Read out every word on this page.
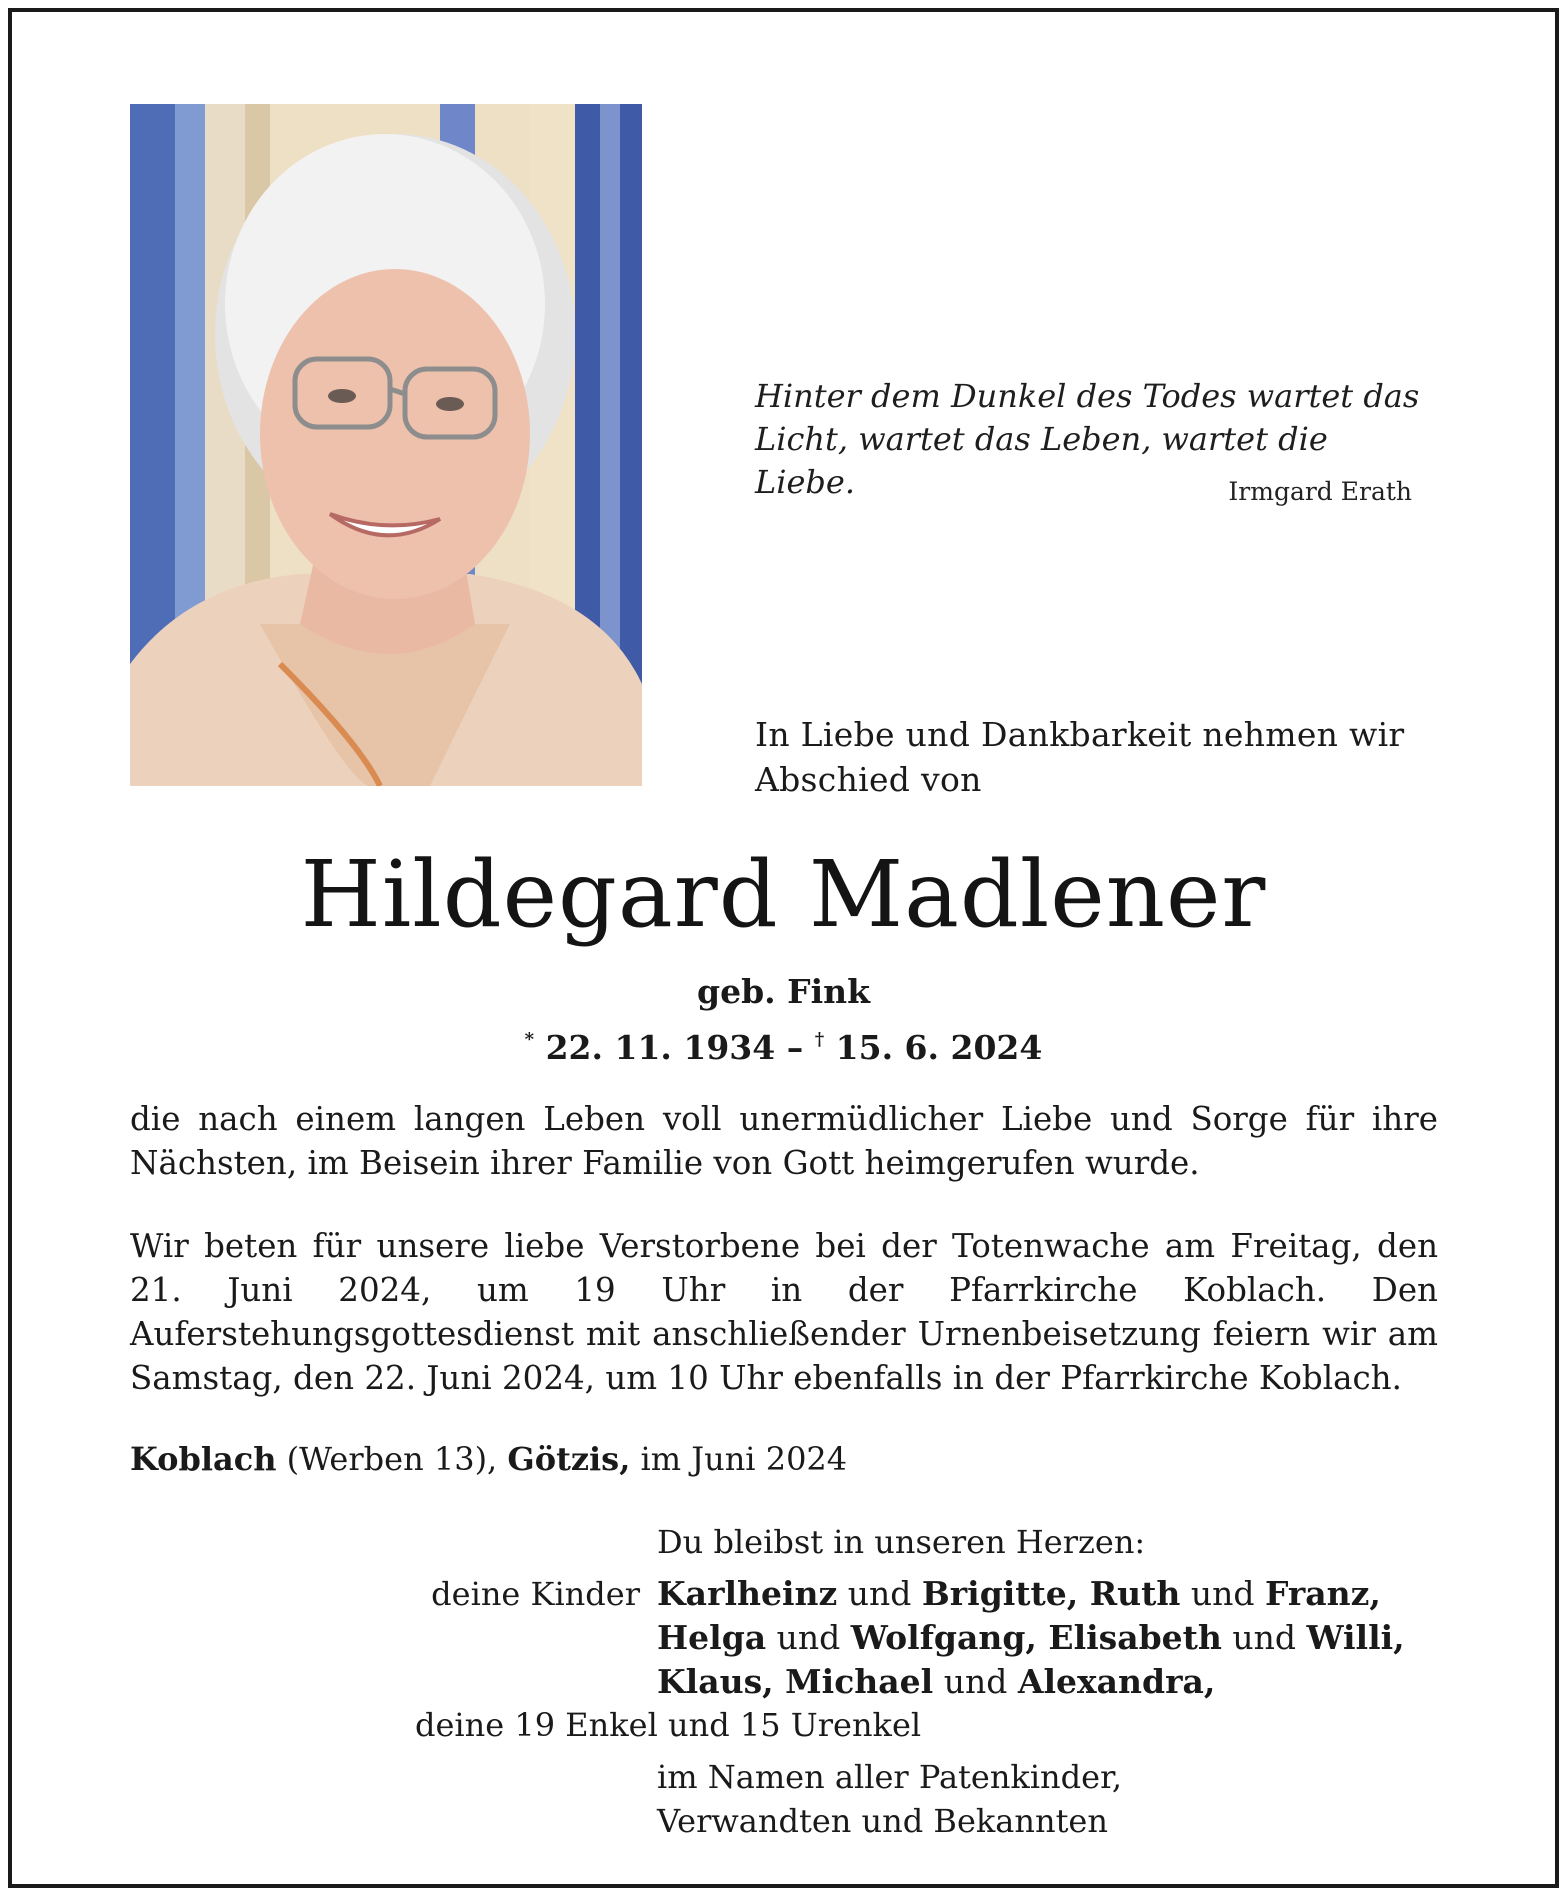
Hinter dem Dunkel des Todes wartet das
Licht, wartet das Leben, wartet die Liebe.	Irmgard Erath
In Liebe und Dankbarkeit nehmen wir
Abschied von
Hildegard Madlener
geb. Fink
* 22. 11. 1934 – † 15. 6. 2024
die nach einem langen Leben voll unermüdlicher Liebe und Sorge für ihre Nächsten, im Beisein ihrer Familie von Gott heimgerufen wurde.
Wir beten für unsere liebe Verstorbene bei der Totenwache am Freitag, den 21. Juni 2024, um 19 Uhr in der Pfarrkirche Koblach. Den Auferstehungsgottesdienst mit anschließender Urnenbeisetzung feiern wir am Samstag, den 22. Juni 2024, um 10 Uhr ebenfalls in der Pfarrkirche Koblach.
Koblach (Werben 13), Götzis, im Juni 2024
Du bleibst in unseren Herzen:
deine Kinder Karlheinz und Brigitte, Ruth und Franz,
Helga und Wolfgang, Elisabeth und Willi,
Klaus, Michael und Alexandra,
deine 19 Enkel und 15 Urenkel
im Namen aller Patenkinder,
Verwandten und Bekannten
